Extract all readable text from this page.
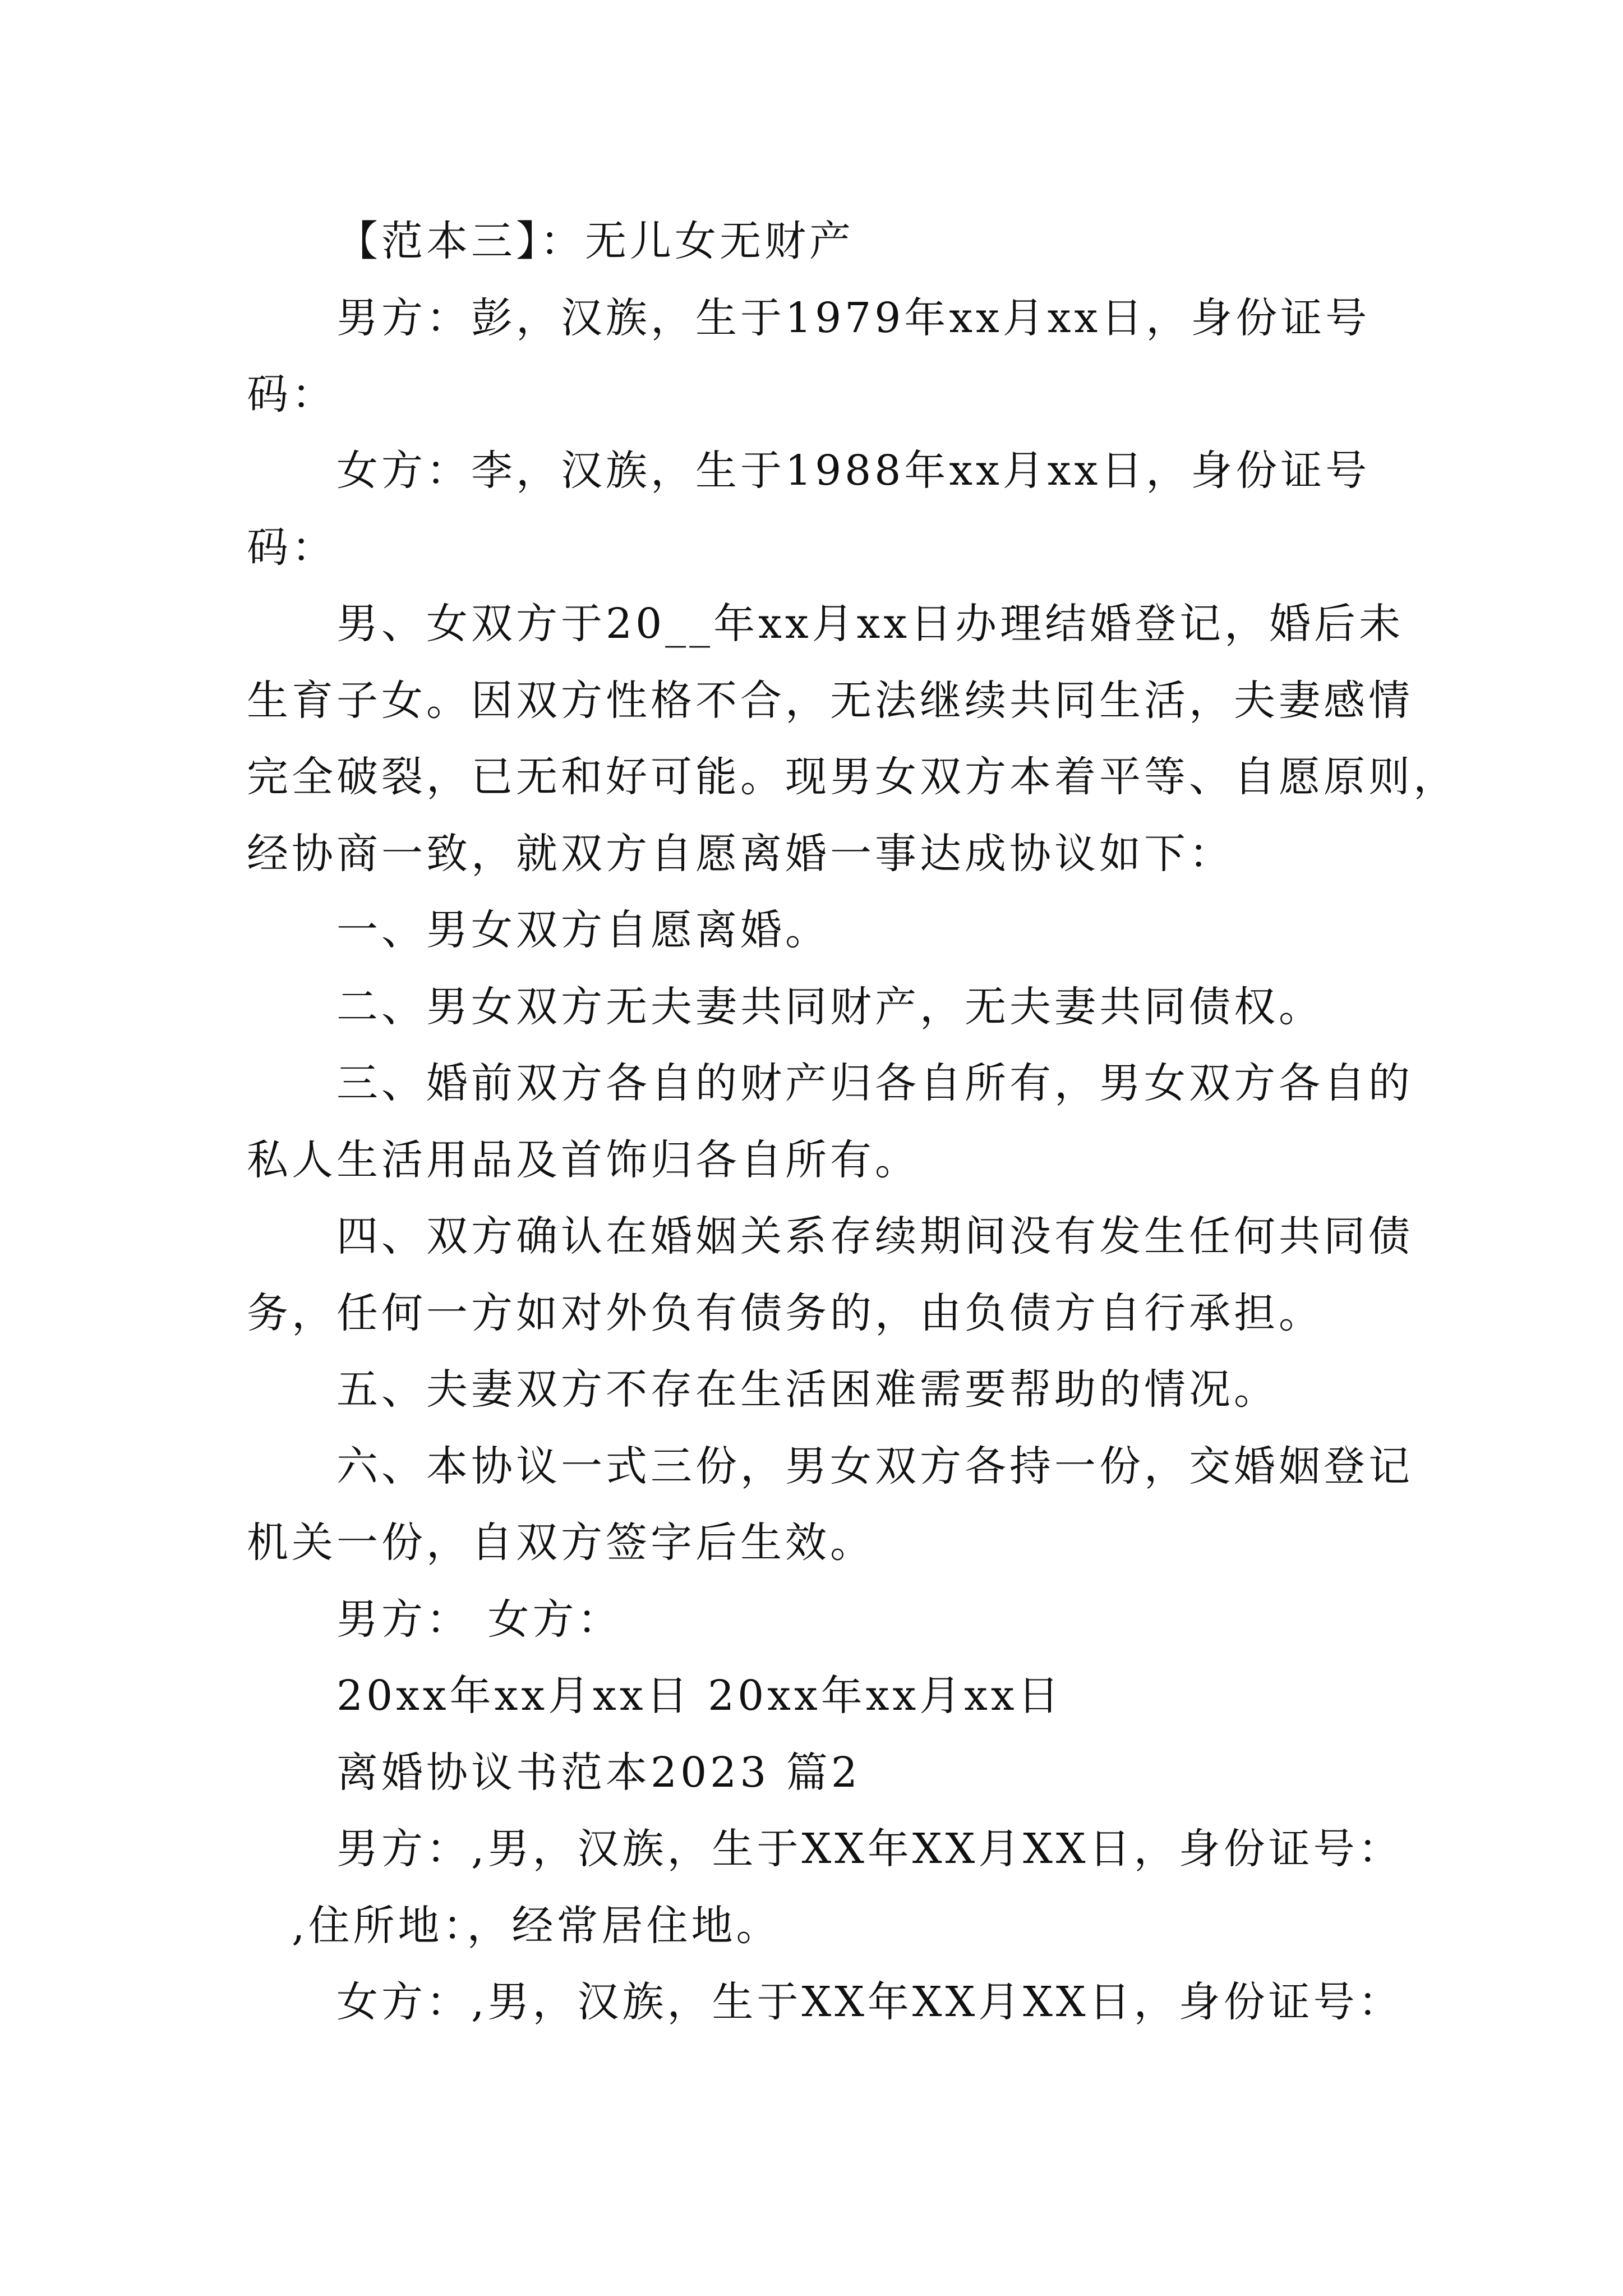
【范本三】：无儿女无财产
男方：彭，汉族，生于1979年xx月xx日，身份证号
码：
女方：李，汉族，生于1988年xx月xx日，身份证号
码：
男、女双方于20__年xx月xx日办理结婚登记，婚后未
生育子女。因双方性格不合，无法继续共同生活，夫妻感情
完全破裂，已无和好可能。现男女双方本着平等、自愿原则，
经协商一致，就双方自愿离婚一事达成协议如下：
一、男女双方自愿离婚。
二、男女双方无夫妻共同财产，无夫妻共同债权。
三、婚前双方各自的财产归各自所有，男女双方各自的
私人生活用品及首饰归各自所有。
四、双方确认在婚姻关系存续期间没有发生任何共同债
务，任何一方如对外负有债务的，由负债方自行承担。
五、夫妻双方不存在生活困难需要帮助的情况。
六、本协议一式三份，男女双方各持一份，交婚姻登记
机关一份，自双方签字后生效。
男方： 女方：
20xx年xx月xx日 20xx年xx月xx日
离婚协议书范本2023 篇2
男方：,男，汉族，生于XX年XX月XX日，身份证号：
,住所地：，经常居住地。
女方：,男，汉族，生于XX年XX月XX日，身份证号：
